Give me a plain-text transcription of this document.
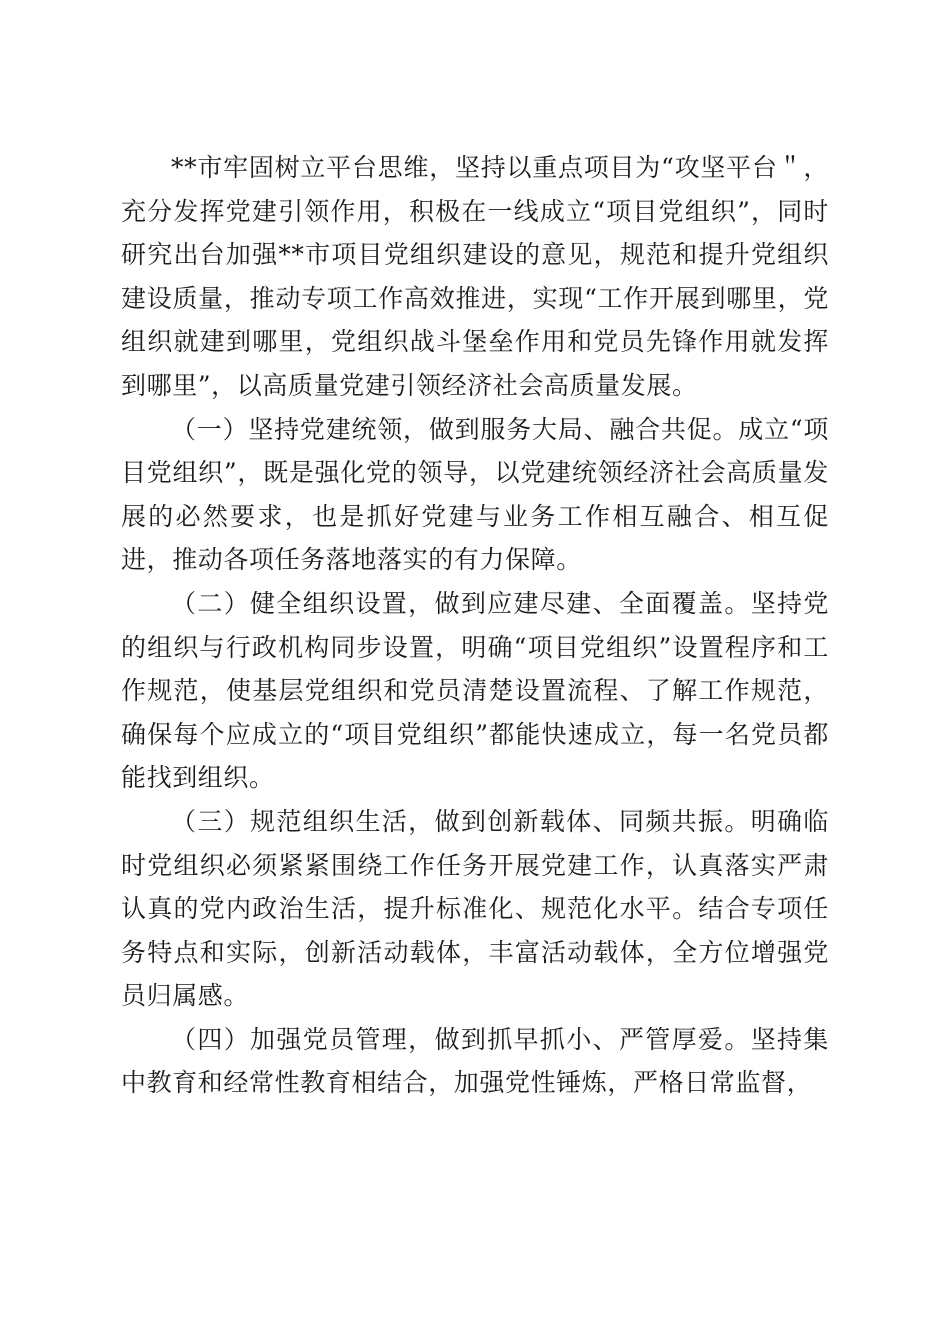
**市牢固树立平台思维，坚持以重点项目为“攻坚平台＂，充分发挥党建引领作用，积极在一线成立“项目党组织”，同时研究出台加强**市项目党组织建设的意见，规范和提升党组织建设质量，推动专项工作高效推进，实现“工作开展到哪里，党组织就建到哪里，党组织战斗堡垒作用和党员先锋作用就发挥到哪里”，以高质量党建引领经济社会高质量发展。

（一）坚持党建统领，做到服务大局、融合共促。成立“项目党组织”，既是强化党的领导，以党建统领经济社会高质量发展的必然要求，也是抓好党建与业务工作相互融合、相互促进，推动各项任务落地落实的有力保障。

（二）健全组织设置，做到应建尽建、全面覆盖。坚持党的组织与行政机构同步设置，明确“项目党组织”设置程序和工作规范，使基层党组织和党员清楚设置流程、了解工作规范，确保每个应成立的“项目党组织”都能快速成立，每一名党员都能找到组织。

（三）规范组织生活，做到创新载体、同频共振。明确临时党组织必须紧紧围绕工作任务开展党建工作，认真落实严肃认真的党内政治生活，提升标准化、规范化水平。结合专项任务特点和实际，创新活动载体，丰富活动载体，全方位增强党员归属感。

（四）加强党员管理，做到抓早抓小、严管厚爱。坚持集中教育和经常性教育相结合，加强党性锤炼，严格日常监督，
